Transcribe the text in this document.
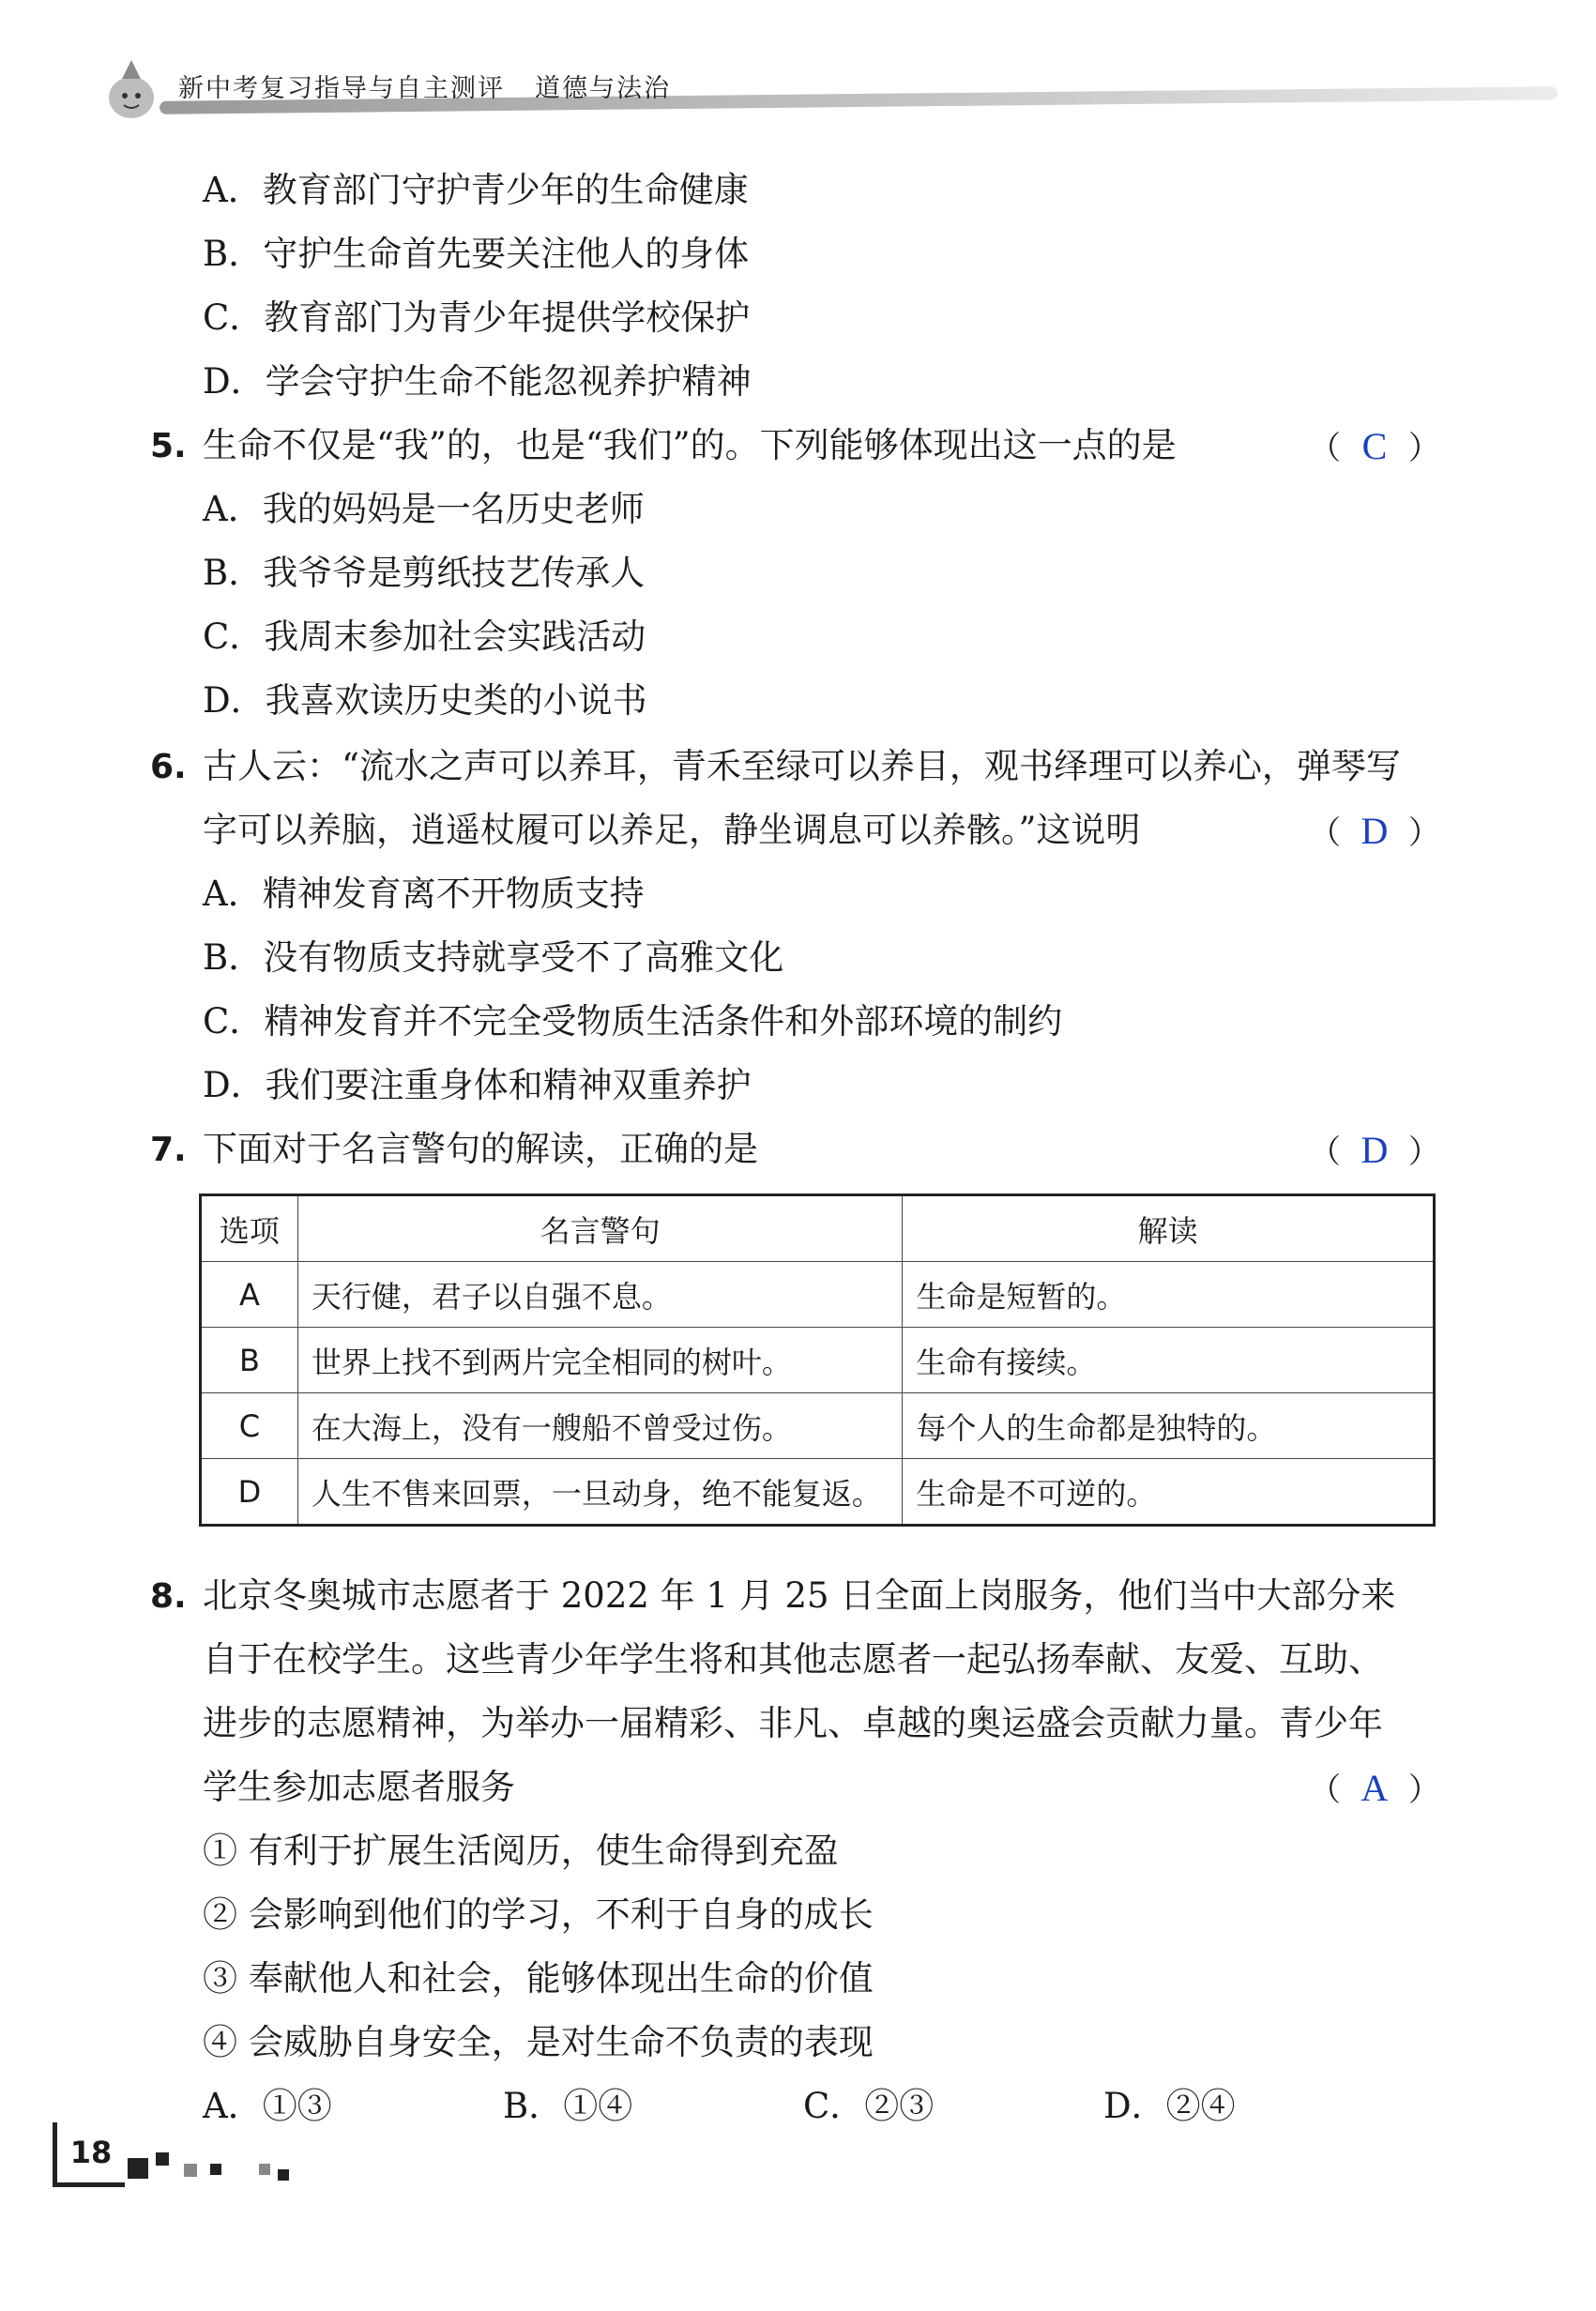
新中考复习指导与自主测评 道德与法治
A．教育部门守护青少年的生命健康
B．守护生命首先要关注他人的身体
C．教育部门为青少年提供学校保护
D．学会守护生命不能忽视养护精神
5. 生命不仅是“我”的，也是“我们”的。下列能够体现出这一点的是	（ C ）
A．我的妈妈是一名历史老师
B．我爷爷是剪纸技艺传承人
C．我周末参加社会实践活动
D．我喜欢读历史类的小说书
6. 古人云：“流水之声可以养耳，青禾至绿可以养目，观书绎理可以养心，弹琴写
字可以养脑，逍遥杖履可以养足，静坐调息可以养骸。”这说明	（ D ）
A．精神发育离不开物质支持
B．没有物质支持就享受不了高雅文化
C．精神发育并不完全受物质生活条件和外部环境的制约
D．我们要注重身体和精神双重养护
7. 下面对于名言警句的解读，正确的是	（ D ）
选项	名言警句	解读
A	天行健，君子以自强不息。	生命是短暂的。
B	世界上找不到两片完全相同的树叶。	生命有接续。
C	在大海上，没有一艘船不曾受过伤。	每个人的生命都是独特的。
D	人生不售来回票，一旦动身，绝不能复返。	生命是不可逆的。
8. 北京冬奥城市志愿者于 2022 年 1 月 25 日全面上岗服务，他们当中大部分来
自于在校学生。这些青少年学生将和其他志愿者一起弘扬奉献、友爱、互助、
进步的志愿精神，为举办一届精彩、非凡、卓越的奥运盛会贡献力量。青少年
学生参加志愿者服务	（ A ）
① 有利于扩展生活阅历，使生命得到充盈
② 会影响到他们的学习，不利于自身的成长
③ 奉献他人和社会，能够体现出生命的价值
④ 会威胁自身安全，是对生命不负责的表现
A．①③	B．①④	C．②③	D．②④
18
